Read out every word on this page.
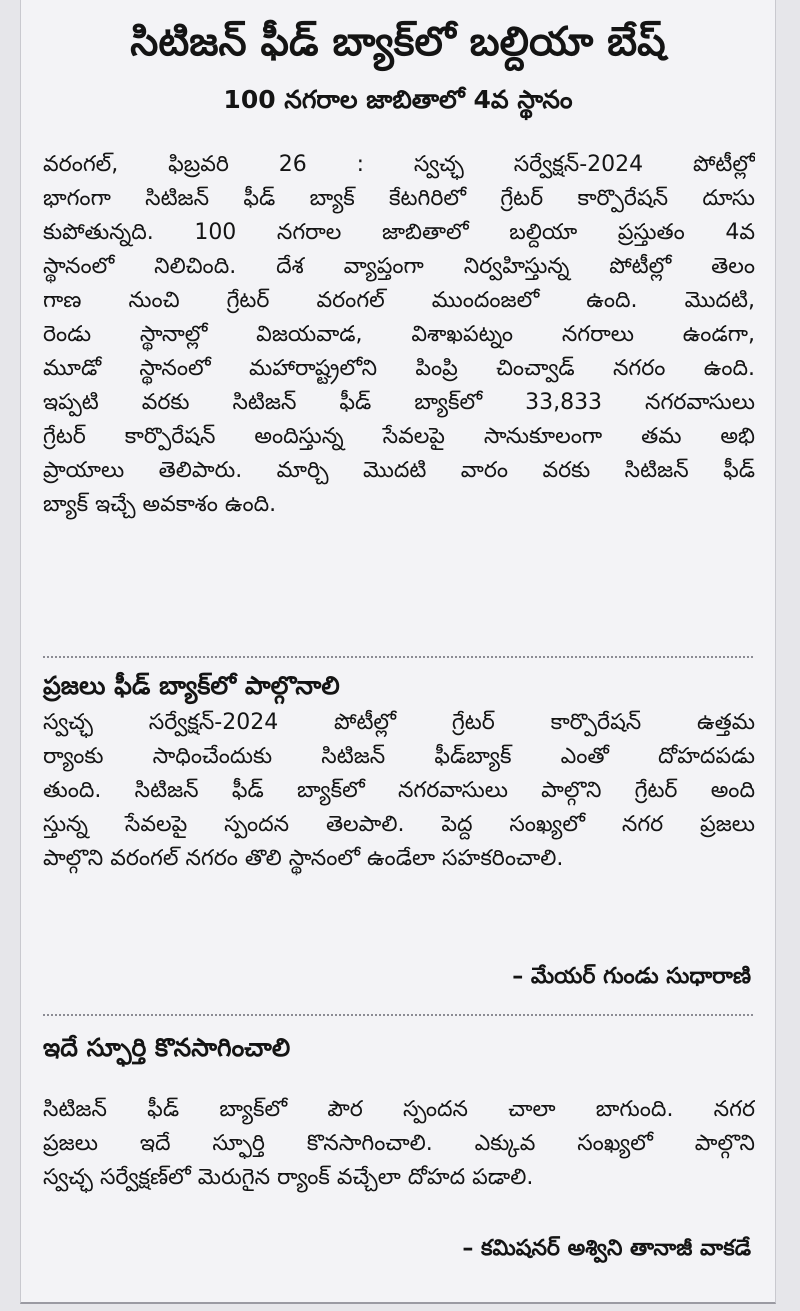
సిటిజన్ ఫీడ్ బ్యాక్‌లో బల్దియా బేష్
100 నగరాల జాబితాలో 4వ స్థానం
వరంగల్, ఫిబ్రవరి 26 : స్వచ్ఛ సర్వేక్షన్-2024 పోటీల్లో
భాగంగా సిటిజన్ ఫీడ్ బ్యాక్ కేటగిరిలో గ్రేటర్ కార్పొరేషన్ దూసు
కుపోతున్నది. 100 నగరాల జాబితాలో బల్దియా ప్రస్తుతం 4వ
స్థానంలో నిలిచింది. దేశ వ్యాప్తంగా నిర్వహిస్తున్న పోటీల్లో తెలం
గాణ నుంచి గ్రేటర్ వరంగల్ ముందంజలో ఉంది. మొదటి,
రెండు స్థానాల్లో విజయవాడ, విశాఖపట్నం నగరాలు ఉండగా,
మూడో స్థానంలో మహారాష్ట్రలోని పింప్రి చించ్వాడ్ నగరం ఉంది.
ఇప్పటి వరకు సిటిజన్ ఫీడ్ బ్యాక్‌లో 33,833 నగరవాసులు
గ్రేటర్ కార్పొరేషన్ అందిస్తున్న సేవలపై సానుకూలంగా తమ అభి
ప్రాయాలు తెలిపారు. మార్చి మొదటి వారం వరకు సిటిజన్ ఫీడ్
బ్యాక్ ఇచ్చే అవకాశం ఉంది.
ప్రజలు ఫీడ్ బ్యాక్‌లో పాల్గొనాలి
స్వచ్ఛ సర్వేక్షన్-2024 పోటీల్లో గ్రేటర్ కార్పొరేషన్ ఉత్తమ
ర్యాంకు సాధించేందుకు సిటిజన్ ఫీడ్‌బ్యాక్ ఎంతో దోహదపడు
తుంది. సిటిజన్ ఫీడ్ బ్యాక్‌లో నగరవాసులు పాల్గొని గ్రేటర్ అంది
స్తున్న సేవలపై స్పందన తెలపాలి. పెద్ద సంఖ్యలో నగర ప్రజలు
పాల్గొని వరంగల్ నగరం తొలి స్థానంలో ఉండేలా సహకరించాలి.
– మేయర్ గుండు సుధారాణి
ఇదే స్ఫూర్తి కొనసాగించాలి
సిటిజన్ ఫీడ్ బ్యాక్‌లో పౌర స్పందన చాలా బాగుంది. నగర
ప్రజలు ఇదే స్ఫూర్తి కొనసాగించాలి. ఎక్కువ సంఖ్యలో పాల్గొని
స్వచ్ఛ సర్వేక్షణ్‌లో మెరుగైన ర్యాంక్ వచ్చేలా దోహద పడాలి.
– కమిషనర్ అశ్విని తానాజీ వాకడే
